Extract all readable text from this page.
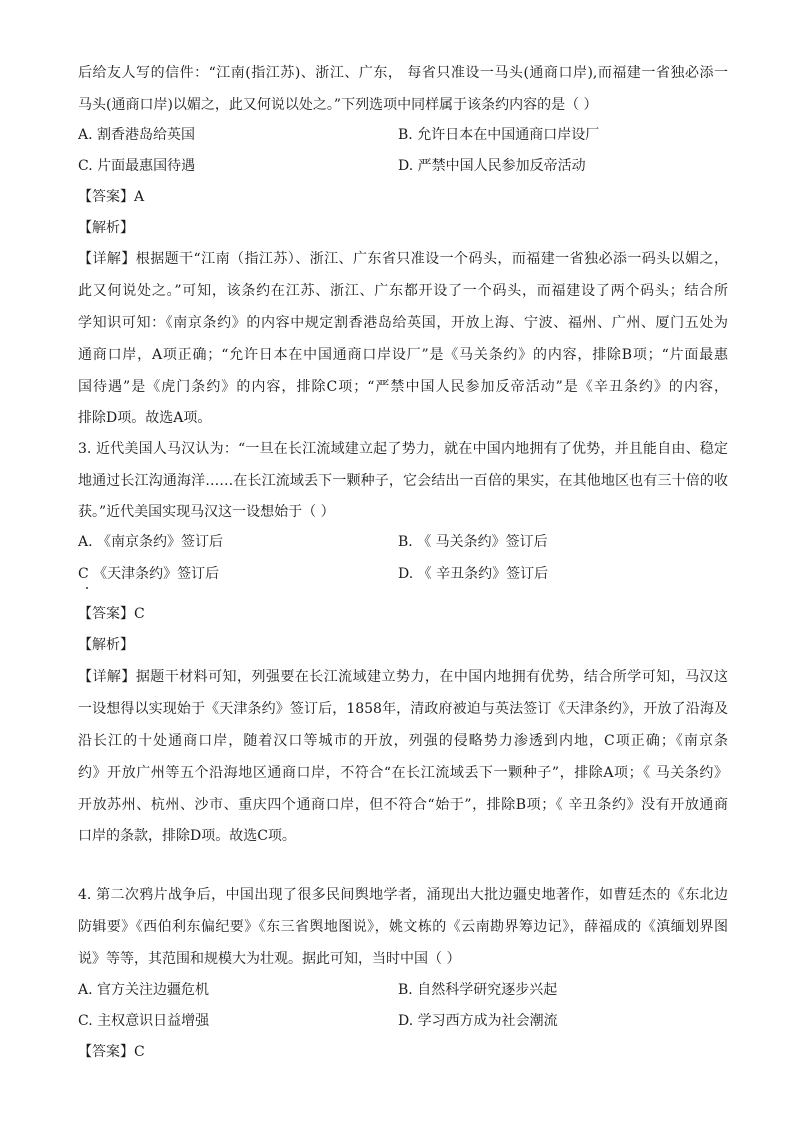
后给友人写的信件：“江南(指江苏)、浙江、广东， 每省只准设一马头(通商口岸),而福建一省独必添一
马头(通商口岸)以媚之，此又何说以处之。”下列选项中同样属于该条约内容的是（ ）
A. 割香港岛给英国	B. 允许日本在中国通商口岸设厂
C. 片面最惠国待遇	D. 严禁中国人民参加反帝活动
【答案】A
【解析】
【详解】根据题干“江南（指江苏）、浙江、广东省只准设一个码头，而福建一省独必添一码头以媚之，
此又何说处之。”可知，该条约在江苏、浙江、广东都开设了一个码头，而福建设了两个码头；结合所
学知识可知：《南京条约》的内容中规定割香港岛给英国，开放上海、宁波、福州、广州、厦门五处为
通商口岸，A项正确；“允许日本在中国通商口岸设厂”是《马关条约》的内容，排除B项；“片面最惠
国待遇”是《虎门条约》的内容，排除C项；“严禁中国人民参加反帝活动”是《辛丑条约》的内容，
排除D项。故选A项。
3. 近代美国人马汉认为：“一旦在长江流域建立起了势力，就在中国内地拥有了优势，并且能自由、稳定
地通过长江沟通海洋……在长江流域丢下一颗种子，它会结出一百倍的果实，在其他地区也有三十倍的收
获。”近代美国实现马汉这一设想始于（ ）
A. 《南京条约》签订后	B. 《 马关条约》签订后
C 《天津条约》签订后	D. 《 辛丑条约》签订后
【答案】C
【解析】
【详解】据题干材料可知，列强要在长江流域建立势力，在中国内地拥有优势，结合所学可知，马汉这
一设想得以实现始于《天津条约》签订后，1858年，清政府被迫与英法签订《天津条约》，开放了沿海及
沿长江的十处通商口岸，随着汉口等城市的开放，列强的侵略势力渗透到内地，C项正确；《南京条
约》开放广州等五个沿海地区通商口岸，不符合“在长江流域丢下一颗种子”，排除A项；《 马关条约》
开放苏州、杭州、沙市、重庆四个通商口岸，但不符合“始于”，排除B项；《 辛丑条约》没有开放通商
口岸的条款，排除D项。故选C项。
4. 第二次鸦片战争后，中国出现了很多民间舆地学者，涌现出大批边疆史地著作，如曹廷杰的《东北边
防辑要》《西伯利东偏纪要》《东三省舆地图说》，姚文栋的《云南勘界筹边记》，薛福成的《滇缅划界图
说》等等，其范围和规模大为壮观。据此可知，当时中国（ ）
A. 官方关注边疆危机	B. 自然科学研究逐步兴起
C. 主权意识日益增强	D. 学习西方成为社会潮流
【答案】C
